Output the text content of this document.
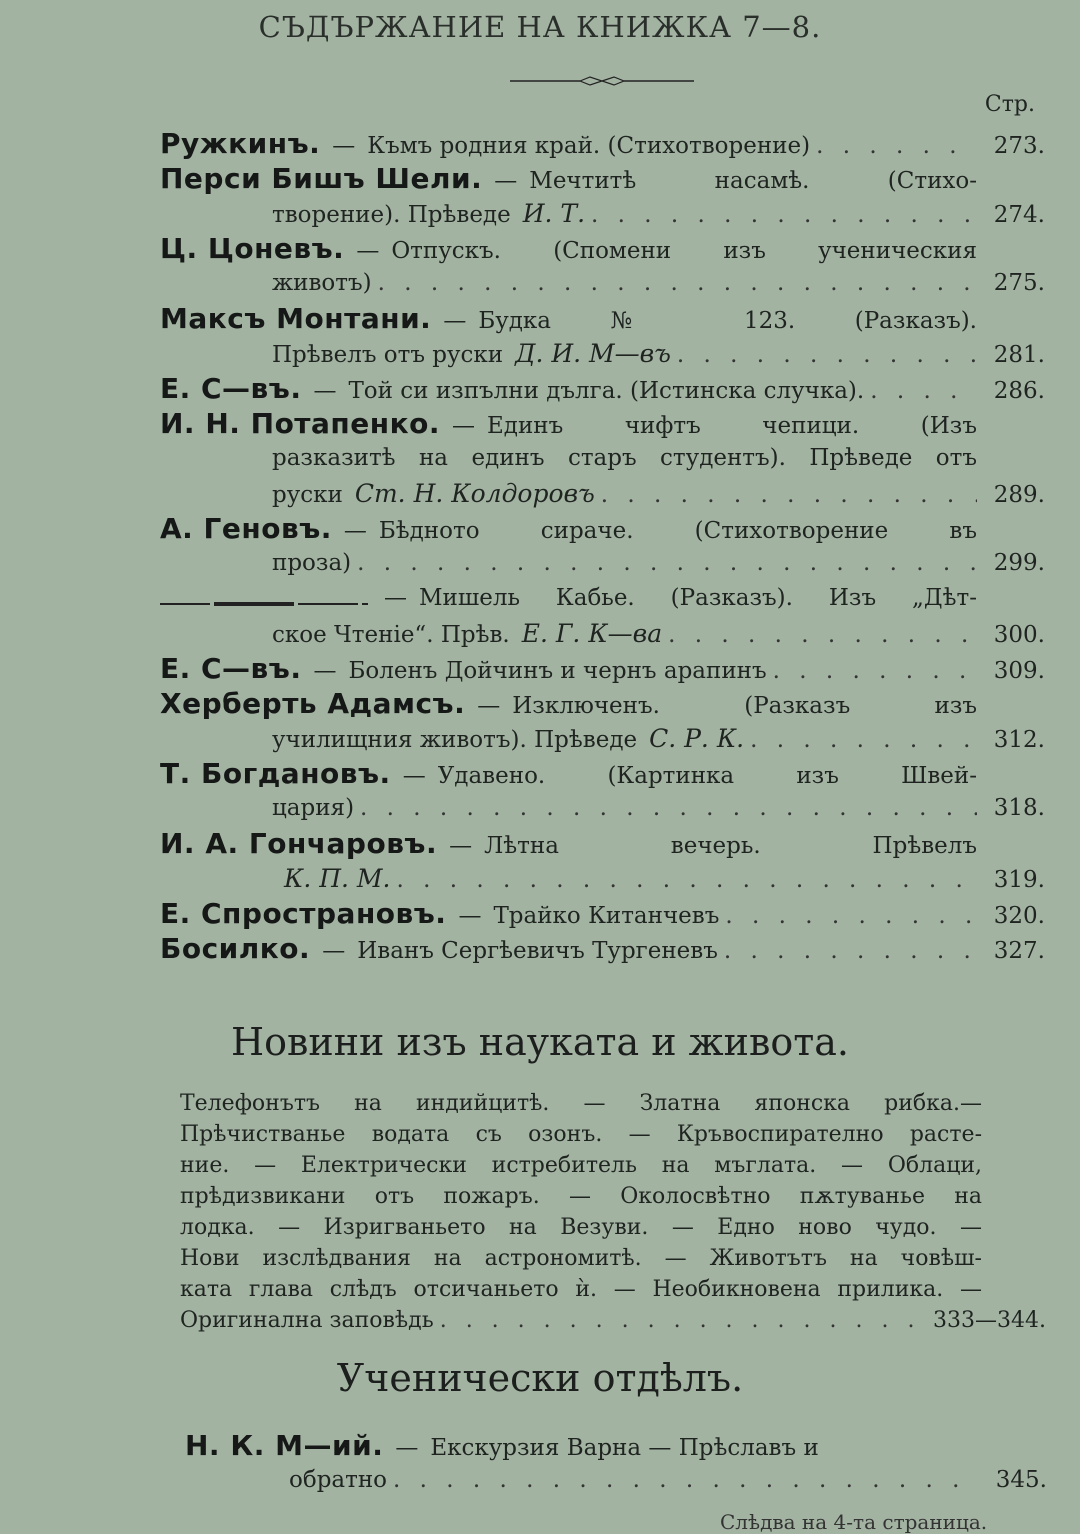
СЪДЪРЖАНИЕ НА КНИЖКА 7—8.
Стр.
Ружкинъ. — Къмъ родния край. (Стихотворение) . . .	273.
Перси Бишъ Шели. — Мечтитѣ насамѣ. (Стихо-
творение). Прѣведе И. Т. . . .	274.
Ц. Цоневъ. — Отпускъ. (Спомени изъ ученическия
животъ) . . .	275.
Максъ Монтани. — Будка № 123. (Разказъ).
Прѣвелъ отъ руски Д. И. М—въ . . .	281.
Е. С—въ. — Той си изпълни дълга. (Истинска случка). . . .	286.
И. Н. Потапенко. — Единъ чифтъ чепици. (Изъ
разказитѣ на единъ старъ студентъ). Прѣведе отъ
руски Ст. Н. Колдоровъ . . .	289.
А. Геновъ. — Бѣдното сираче. (Стихотворение въ
проза) . . .	299.
— Мишель Кабье. (Разказъ). Изъ „Дѣт-
ское Чтенiе“. Прѣв. Е. Г. К—ва . . .	300.
Е. С—въ. — Боленъ Дойчинъ и чернъ арапинъ . . .	309.
Херберть Адамсъ. — Изключенъ. (Разказъ изъ
училищния животъ). Прѣведе С. Р. К. . . .	312.
Т. Богдановъ. — Удавено. (Картинка изъ Швей-
цария) . . .	318.
И. А. Гончаровъ. — Лѣтна вечерь. Прѣвелъ
К. П. М. . . .	319.
Е. Спространовъ. — Трайко Китанчевъ . . .	320.
Босилко. — Иванъ Сергѣевичъ Тургеневъ . . .	327.
Новини изъ науката и живота.
Телефонътъ на индийцитѣ. — Златна японска рибка.—
Прѣчистванье водата съ озонъ. — Кръвоспирателно расте-
ние. — Електрически истребитель на мъглата. — Облаци,
прѣдизвикани отъ пожаръ. — Околосвѣтно пѫтуванье на
лодка. — Изригваньето на Везуви. — Едно ново чудо. —
Нови изслѣдвания на астрономитѣ. — Животътъ на човѣш-
ката глава слѣдъ отсичаньето ѝ. — Необикновена прилика. —
Оригинална заповѣдь . . .	333—344.
Ученически отдѣлъ.
Н. К. М—ий. — Екскурзия Варна — Прѣславъ и
обратно . . .	345.
Слѣдва на 4-та страница.
